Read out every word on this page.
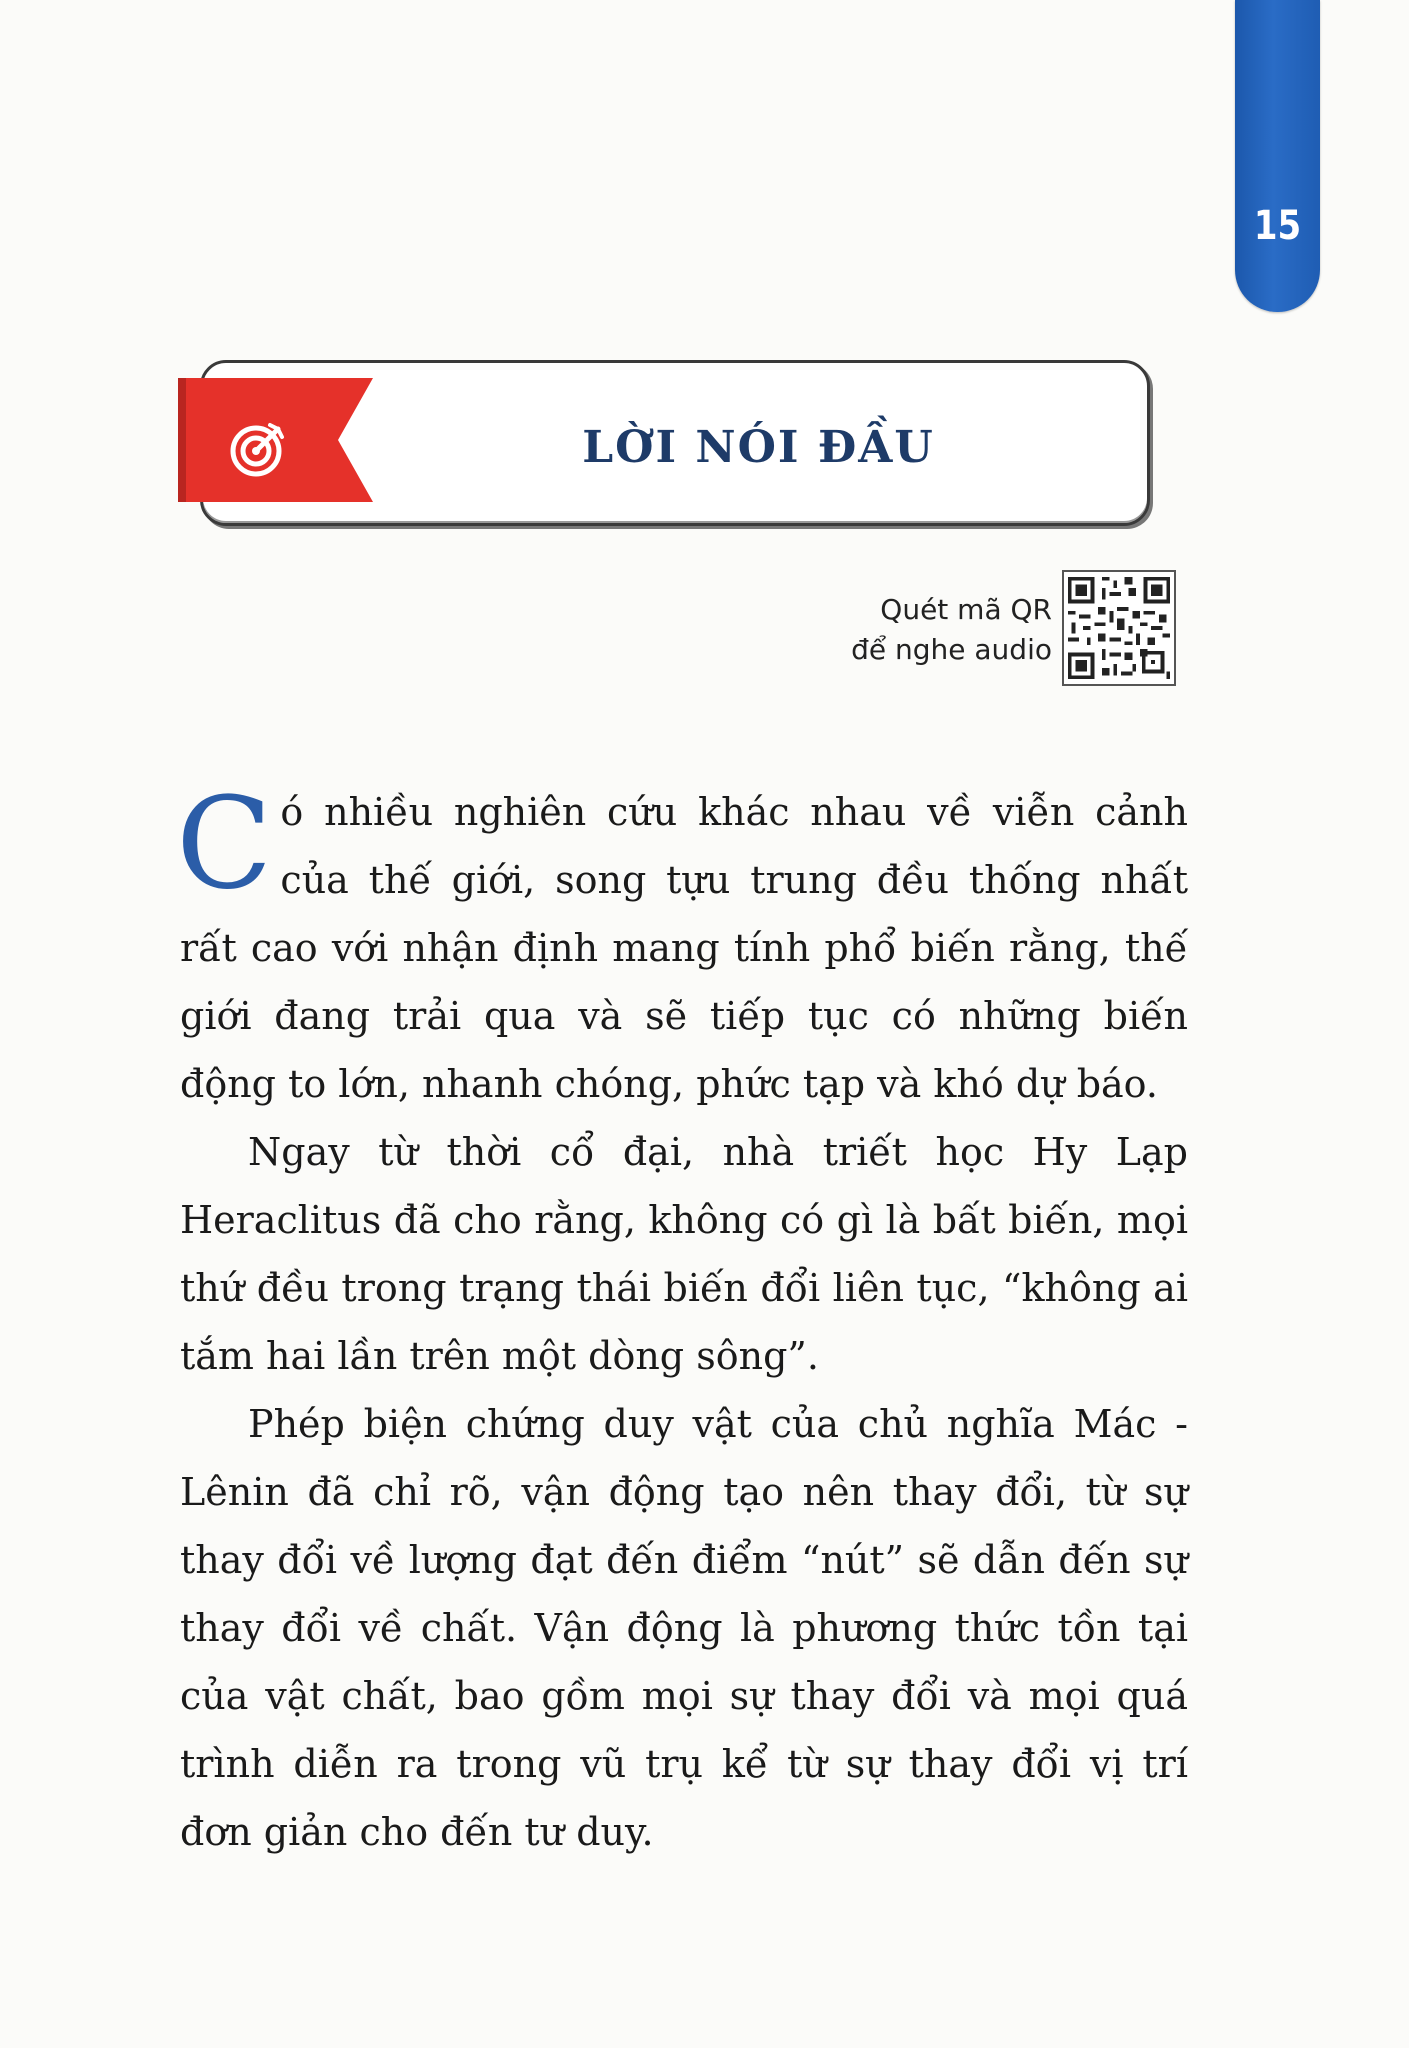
15
LỜI NÓI ĐẦU
Quét mã QR
để nghe audio

Có nhiều nghiên cứu khác nhau về viễn cảnh của thế giới, song tựu trung đều thống nhất rất cao với nhận định mang tính phổ biến rằng, thế giới đang trải qua và sẽ tiếp tục có những biến động to lớn, nhanh chóng, phức tạp và khó dự báo.

Ngay từ thời cổ đại, nhà triết học Hy Lạp Heraclitus đã cho rằng, không có gì là bất biến, mọi thứ đều trong trạng thái biến đổi liên tục, “không ai tắm hai lần trên một dòng sông”.

Phép biện chứng duy vật của chủ nghĩa Mác - Lênin đã chỉ rõ, vận động tạo nên thay đổi, từ sự thay đổi về lượng đạt đến điểm “nút” sẽ dẫn đến sự thay đổi về chất. Vận động là phương thức tồn tại của vật chất, bao gồm mọi sự thay đổi và mọi quá trình diễn ra trong vũ trụ kể từ sự thay đổi vị trí đơn giản cho đến tư duy.
